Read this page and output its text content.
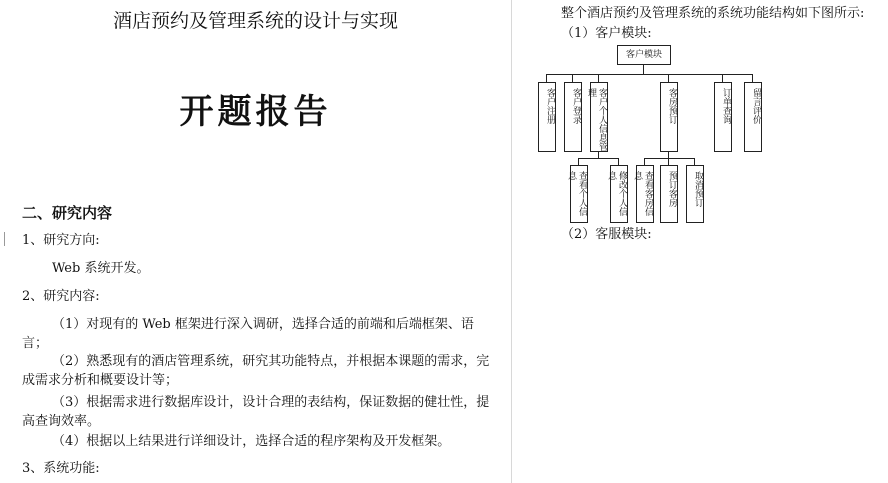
酒店预约及管理系统的设计与实现
开题报告
二、研究内容
1、研究方向:
Web 系统开发。
2、研究内容:
（1）对现有的 Web 框架进行深入调研，选择合适的前端和后端框架、语言；
（2）熟悉现有的酒店管理系统，研究其功能特点，并根据本课题的需求，完成需求分析和概要设计等；
（3）根据需求进行数据库设计，设计合理的表结构，保证数据的健壮性，提高查询效率。
（4）根据以上结果进行详细设计，选择合适的程序架构及开发框架。
3、系统功能:
整个酒店预约及管理系统的系统功能结构如下图所示:
（1）客户模块:
客户模块
客户注册	客户登录	客户个人信息管理	客房预订	订单查询	留言评价
查看个人信息	修改个人信息	查看客房信息	预订客房	取消预订
（2）客服模块:
